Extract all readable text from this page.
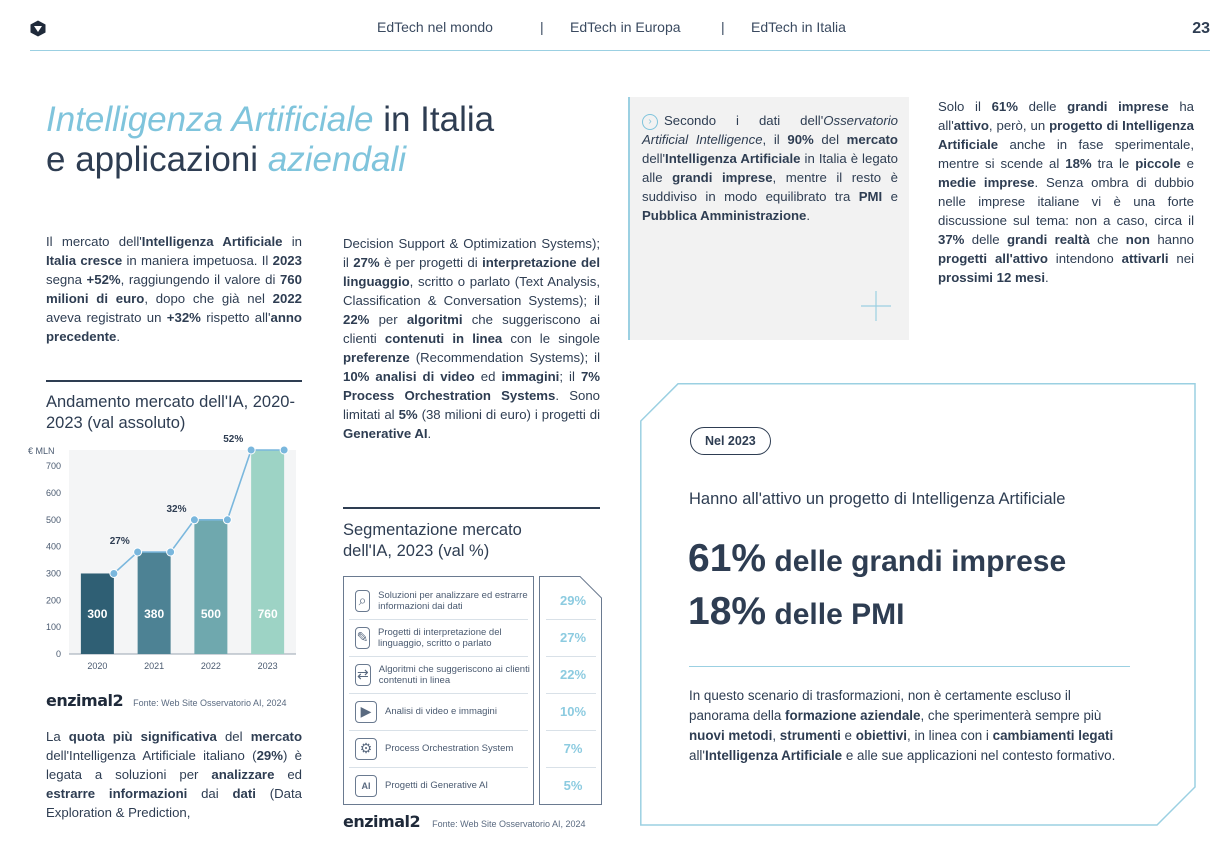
EdTech nel mondo	| EdTech in Europa	| EdTech in Italia	23
Intelligenza Artificiale in Italia
e applicazioni aziendali

Il mercato dell'Intelligenza Artificiale in Italia cresce in maniera impetuosa. Il 2023 segna +52%, raggiungendo il valore di 760 milioni di euro, dopo che già nel 2022 aveva registrato un +32% rispetto all'anno precedente.

Andamento mercato dell'IA, 2020-2023 (val assoluto)
€ MLN
0
100
200
300
400
500
600
700
300
2020
380
2021
500
2022
760
2023
27%
32%
52%
enzimal2 Fonte: Web Site Osservatorio AI, 2024

La quota più significativa del mercato dell'Intelligenza Artificiale italiano (29%) è legata a soluzioni per analizzare ed estrarre informazioni dai dati (Data Exploration & Prediction,

Decision Support & Optimization Systems); il 27% è per progetti di interpretazione del linguaggio, scritto o parlato (Text Analysis, Classification & Conversation Systems); il 22% per algoritmi che suggeriscono ai clienti contenuti in linea con le singole preferenze (Recommendation Systems); il 10% analisi di video ed immagini; il 7% Process Orchestration Systems. Sono limitati al 5% (38 milioni di euro) i progetti di Generative AI.

Segmentazione mercato dell'IA, 2023 (val %)
⌕	Soluzioni per analizzare ed estrarre informazioni dai dati	29%
✎ Progetti di interpretazione del linguaggio, scritto o parlato	27%
⇄ Algoritmi che suggeriscono ai clienti contenuti in linea	22%
▶	Analisi di video e immagini	10%
⚙	Process Orchestration System	7%
AI	Progetti di Generative AI	5%
enzimal2 Fonte: Web Site Osservatorio AI, 2024

Secondo i dati dell'Osservatorio Artificial Intelligence, il 90% del mercato dell'Intelligenza Artificiale in Italia è legato alle grandi imprese, mentre il resto è suddiviso in modo equilibrato tra PMI e Pubblica Amministrazione.

›

Solo il 61% delle grandi imprese ha all'attivo, però, un progetto di Intelligenza Artificiale anche in fase sperimentale, mentre si scende al 18% tra le piccole e medie imprese. Senza ombra di dubbio nelle imprese italiane vi è una forte discussione sul tema: non a caso, circa il 37% delle grandi realtà che non hanno progetti all'attivo intendono attivarli nei prossimi 12 mesi.

Nel 2023

Hanno all'attivo un progetto di Intelligenza Artificiale

61% delle grandi imprese
18% delle PMI

In questo scenario di trasformazioni, non è certamente escluso il panorama della formazione aziendale, che sperimenterà sempre più nuovi metodi, strumenti e obiettivi, in linea con i cambiamenti legati all'Intelligenza Artificiale e alle sue applicazioni nel contesto formativo.
